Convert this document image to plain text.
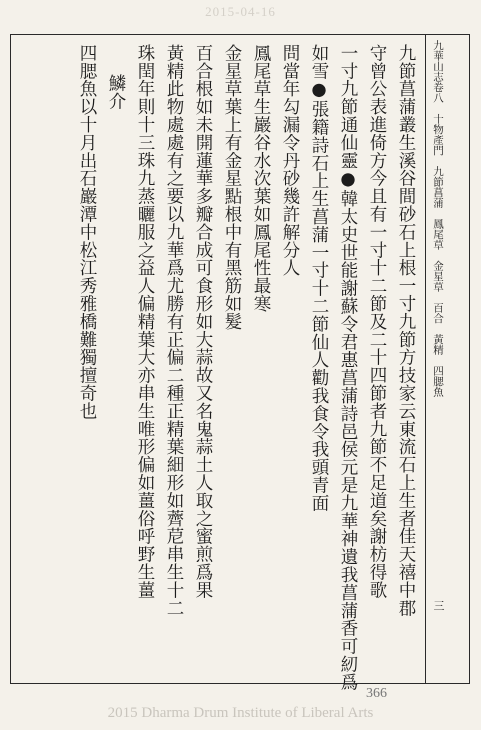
2015-04-16
九華山志卷八　十物產門　九節菖蒲　鳳尾草　金星草　百合　黃精　四腮魚
三
九節菖蒲叢生溪谷間砂石上根一寸九節方技家云東流石上生者佳天禧中郡
守曾公表進倚方今且有一寸十二節及二十四節者九節不足道矣謝枋得歌
一寸九節通仙靈●韓太史世能謝蘇令君惠菖蒲詩邑侯元是九華神遺我菖蒲香可紉爲
如雪●張籍詩石上生菖蒲一寸十二節仙人勸我食令我頭青面
問當年勾漏令丹砂幾許解分人
鳳尾草生巖谷水次葉如鳳尾性最寒
金星草葉上有金星點根中有黑筋如髮
百合根如未開蓮華多瓣合成可食形如大蒜故又名鬼蒜土人取之蜜煎爲果
黃精此物處處有之要以九華爲尤勝有正偏二種正精葉細形如薺苨串生十二
珠閏年則十三珠九蒸曬服之益人偏精葉大亦串生唯形偏如薑俗呼野生薑
鱗介
四腮魚以十月出石巖潭中松江秀雅橋難獨擅奇也
366
2015 Dharma Drum Institute of Liberal Arts
